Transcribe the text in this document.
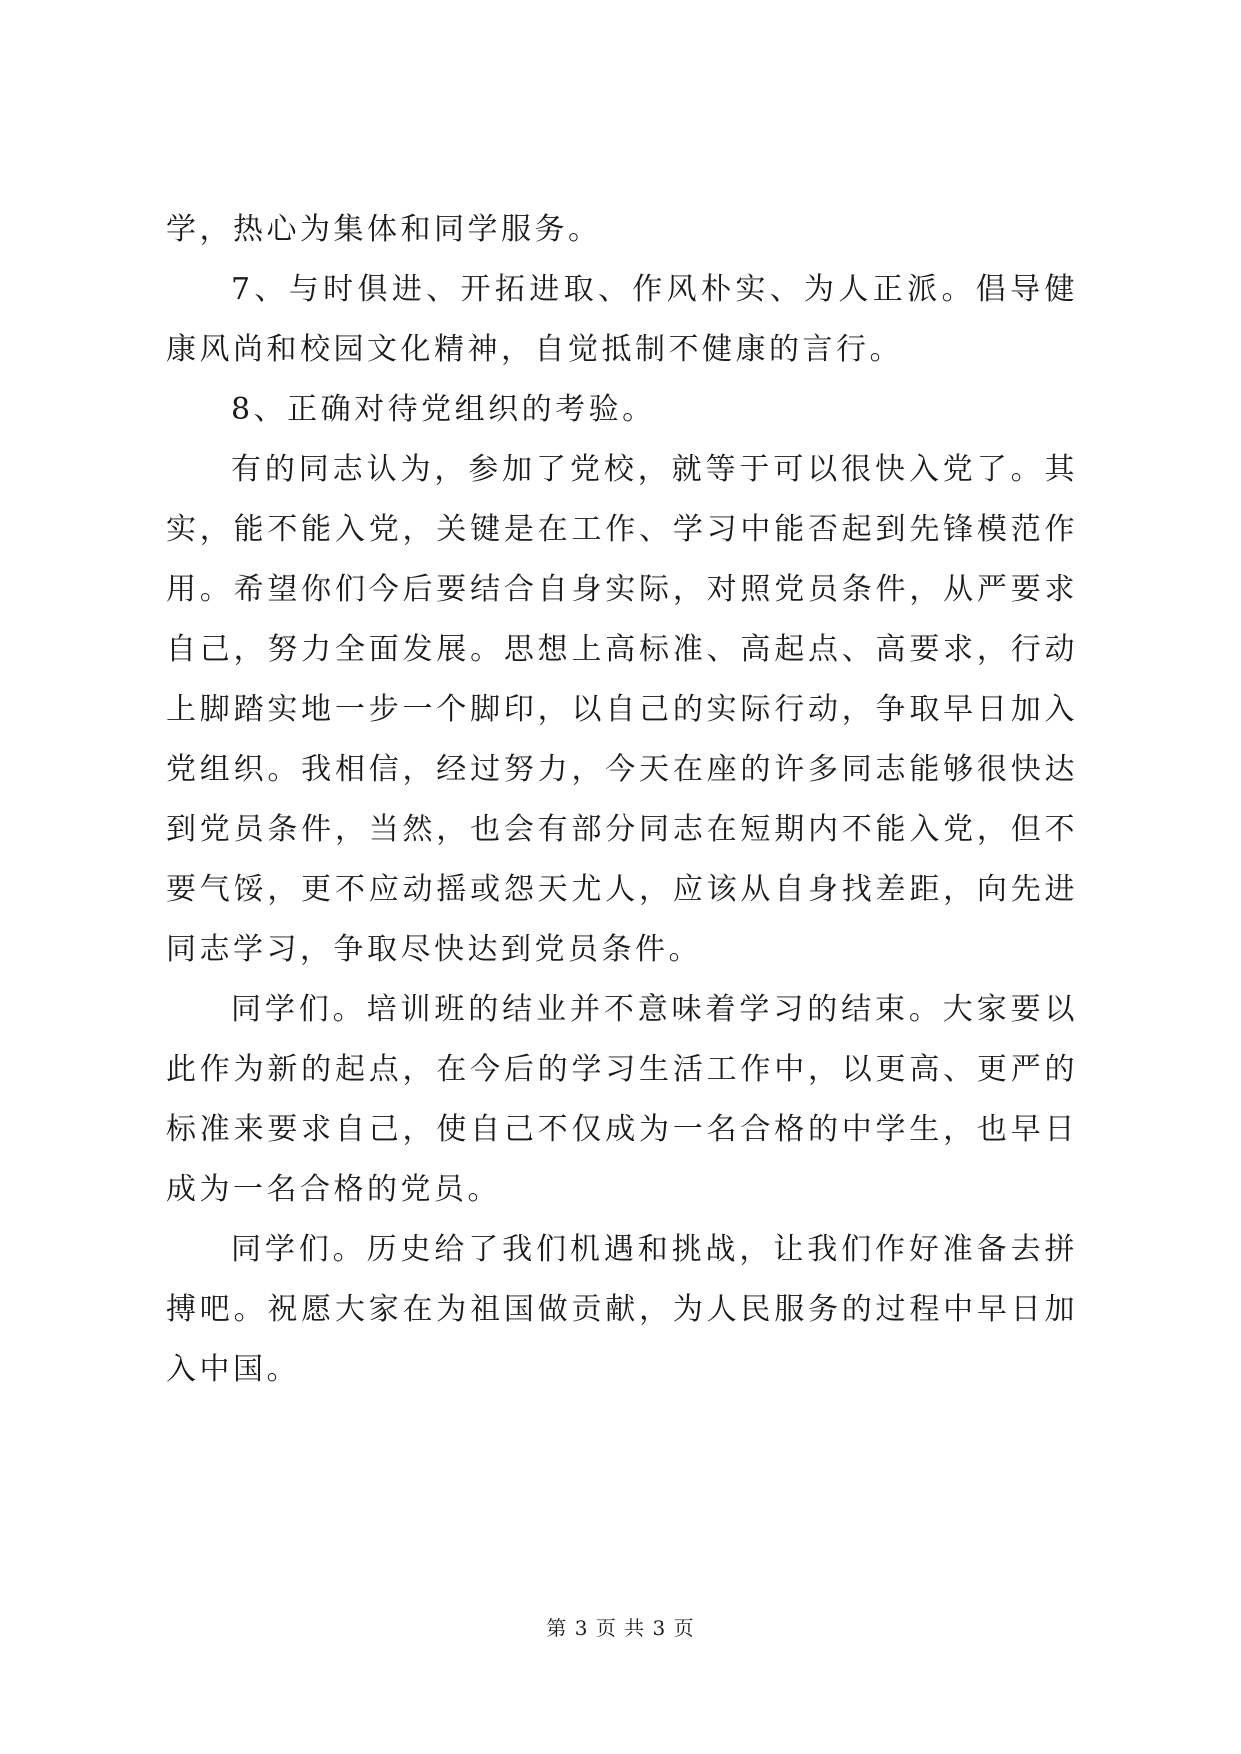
学，热心为集体和同学服务。

7、与时俱进、开拓进取、作风朴实、为人正派。倡导健康风尚和校园文化精神，自觉抵制不健康的言行。

8、正确对待党组织的考验。

有的同志认为，参加了党校，就等于可以很快入党了。其实，能不能入党，关键是在工作、学习中能否起到先锋模范作用。希望你们今后要结合自身实际，对照党员条件，从严要求自己，努力全面发展。思想上高标准、高起点、高要求，行动上脚踏实地一步一个脚印，以自己的实际行动，争取早日加入党组织。我相信，经过努力，今天在座的许多同志能够很快达到党员条件，当然，也会有部分同志在短期内不能入党，但不要气馁，更不应动摇或怨天尤人，应该从自身找差距，向先进同志学习，争取尽快达到党员条件。

同学们。培训班的结业并不意味着学习的结束。大家要以此作为新的起点，在今后的学习生活工作中，以更高、更严的标准来要求自己，使自己不仅成为一名合格的中学生，也早日成为一名合格的党员。

同学们。历史给了我们机遇和挑战，让我们作好准备去拼搏吧。祝愿大家在为祖国做贡献，为人民服务的过程中早日加入中国。

第 3 页 共 3 页
